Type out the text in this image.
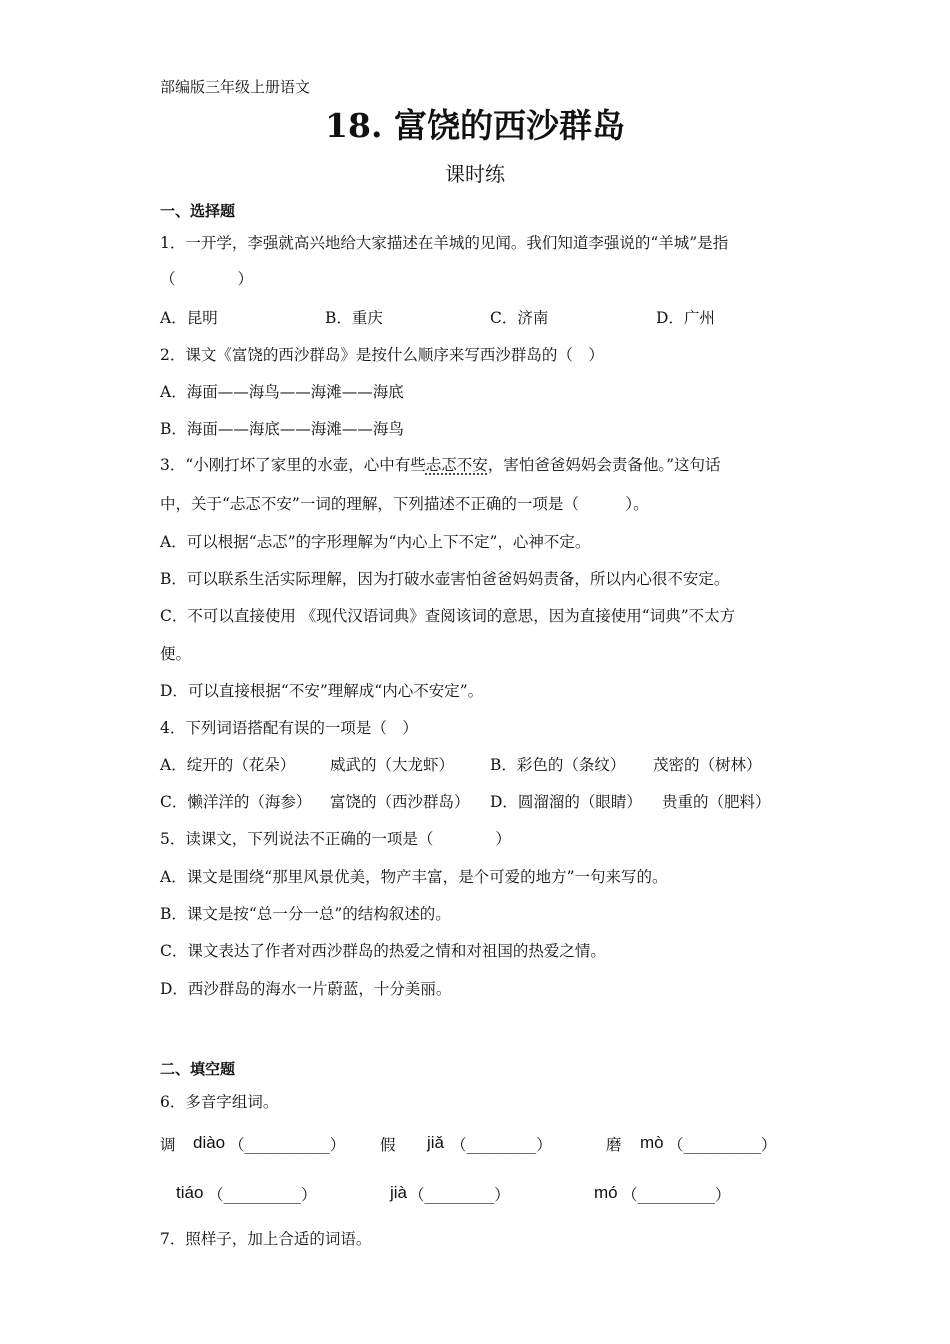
部编版三年级上册语文
18. 富饶的西沙群岛
课时练
一、选择题
1．一开学，李强就高兴地给大家描述在羊城的见闻。我们知道李强说的“羊城”是指
（　　　　）
A．昆明	B．重庆	C．济南	D．广州
2．课文《富饶的西沙群岛》是按什么顺序来写西沙群岛的（　）
A．海面——海鸟——海滩——海底
B．海面——海底——海滩——海鸟
3．“小刚打坏了家里的水壶，心中有些忐忑不安，害怕爸爸妈妈会责备他。”这句话
中，关于“忐忑不安”一词的理解，下列描述不正确的一项是（　　　）。
A．可以根据“忐忑”的字形理解为“内心上下不定”，心神不定。
B．可以联系生活实际理解，因为打破水壶害怕爸爸妈妈责备，所以内心很不安定。
C．不可以直接使用 《现代汉语词典》查阅该词的意思，因为直接使用“词典”不太方
便。
D．可以直接根据“不安”理解成“内心不安定”。
4．下列词语搭配有误的一项是（　）
A．绽开的（花朵） 威武的（大龙虾） B．彩色的（条纹） 茂密的（树林）
C．懒洋洋的（海参） 富饶的（西沙群岛） D．圆溜溜的（眼睛） 贵重的（肥料）
5．读课文，下列说法不正确的一项是（　　　　）
A．课文是围绕“那里风景优美，物产丰富，是个可爱的地方”一句来写的。
B．课文是按“总一分一总”的结构叙述的。
C．课文表达了作者对西沙群岛的热爱之情和对祖国的热爱之情。
D．西沙群岛的海水一片蔚蓝，十分美丽。
二、填空题
6．多音字组词。
调 diào （___________） 假 jiǎ （_________）	磨 mò （__________）
tiáo （__________）	jià （_________）	mó （__________）
7．照样子，加上合适的词语。
